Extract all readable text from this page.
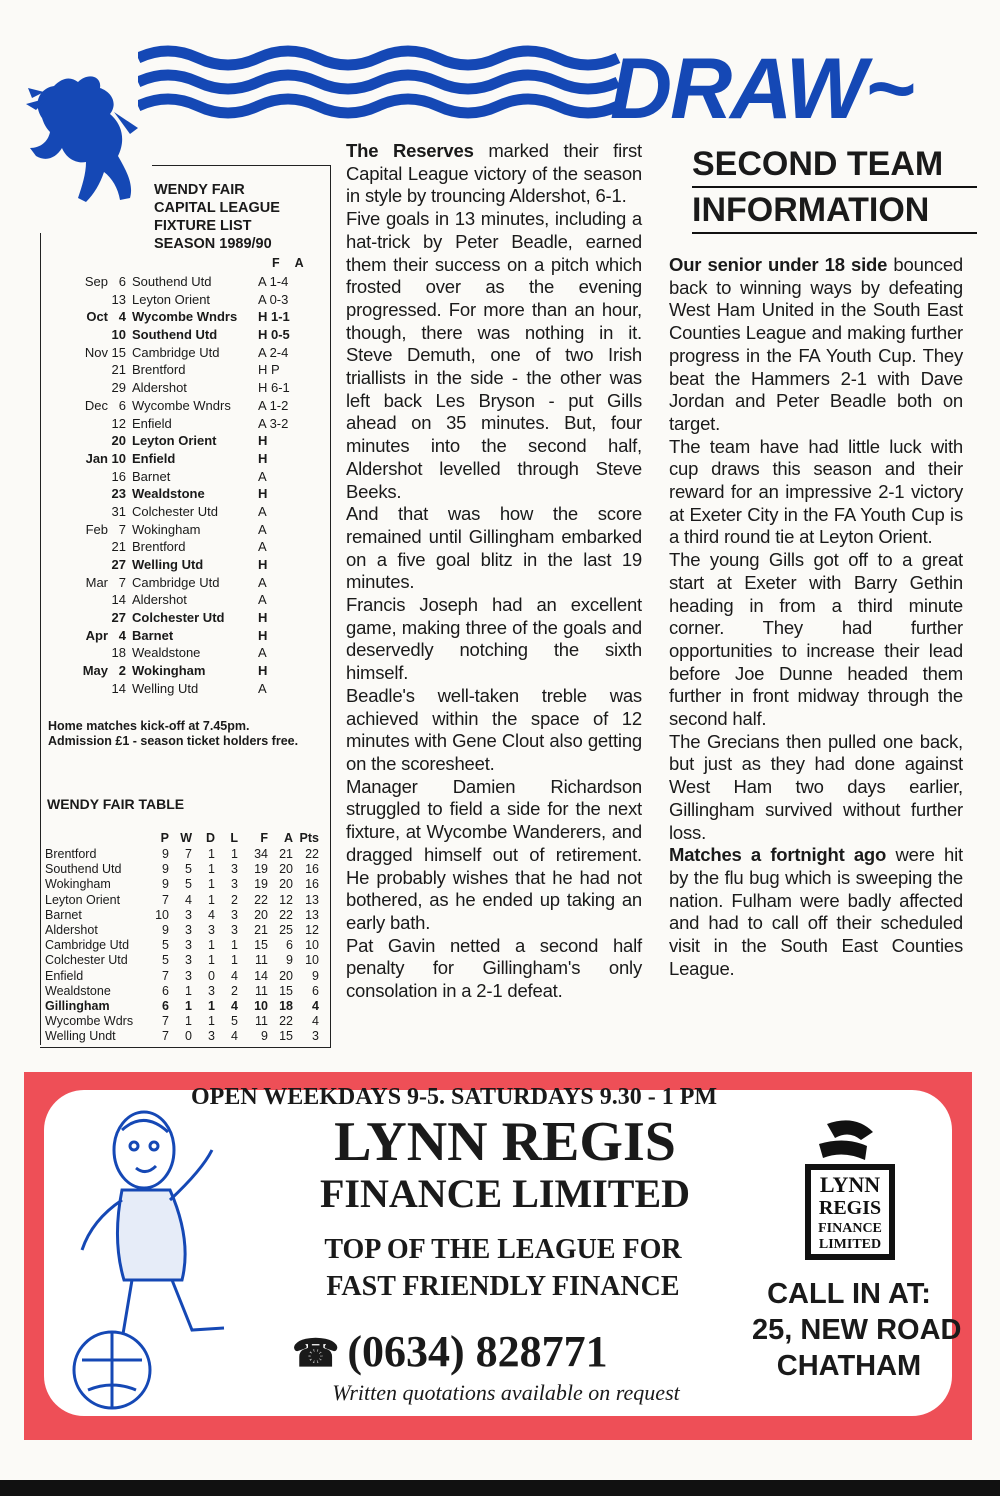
DRAW~
WENDY FAIR
CAPITAL LEAGUE
FIXTURE LIST
SEASON 1989/90
F A
Sep 6 Southend Utd	A 1-4
13 Leyton Orient	A 0-3
Oct 4 Wycombe Wndrs H 1-1
10 Southend Utd	H 0-5
Nov 15 Cambridge Utd	A 2-4
21 Brentford	H P
29 Aldershot	H 6-1
Dec 6 Wycombe Wndrs A 1-2
12 Enfield	A 3-2
20 Leyton Orient	H
Jan 10 Enfield	H
16 Barnet	A
23 Wealdstone	H
31 Colchester Utd	A
Feb 7 Wokingham	A
21 Brentford	A
27 Welling Utd	H
Mar 7 Cambridge Utd	A
14 Aldershot	A
27 Colchester Utd	H
Apr 4 Barnet	H
18 Wealdstone	A
May 2 Wokingham	H
14 Welling Utd	A
Home matches kick-off at 7.45pm. Admission £1 - season ticket holders free.
WENDY FAIR TABLE
P W	D	L	F	A Pts
Brentford	9	7	1	1	34 21 22
Southend Utd	9	5	1	3	19 20 16
Wokingham	9	5	1	3	19 20 16
Leyton Orient	7	4	1	2	22 12 13
Barnet	10	3	4	3	20 22 13
Aldershot	9	3	3	3	21 25 12
Cambridge Utd	5	3	1	1	15	6 10
Colchester Utd	5	3	1	1	11	9 10
Enfield	7	3	0	4	14 20	9
Wealdstone	6	1	3	2	11 15	6
Gillingham	6	1	1	4	10 18	4
Wycombe Wdrs	7	1	1	5	11 22	4
Welling Undt	7	0	3	4	9 15	3

The Reserves marked their first Capital League victory of the season in style by trouncing Aldershot, 6-1.

Five goals in 13 minutes, including a hat-trick by Peter Beadle, earned them their success on a pitch which frosted over as the evening progressed. For more than an hour, though, there was nothing in it. Steve Demuth, one of two Irish triallists in the side - the other was left back Les Bryson - put Gills ahead on 35 minutes. But, four minutes into the second half, Aldershot levelled through Steve Beeks.

And that was how the score remained until Gillingham embarked on a five goal blitz in the last 19 minutes.

Francis Joseph had an excellent game, making three of the goals and deservedly notching the sixth himself.

Beadle's well-taken treble was achieved within the space of 12 minutes with Gene Clout also getting on the scoresheet.

Manager Damien Richardson struggled to field a side for the next fixture, at Wycombe Wanderers, and dragged himself out of retirement. He probably wishes that he had not bothered, as he ended up taking an early bath.

Pat Gavin netted a second half penalty for Gillingham's only consolation in a 2-1 defeat.

SECOND TEAM
INFORMATION

Our senior under 18 side bounced back to winning ways by defeating West Ham United in the South East Counties League and making further progress in the FA Youth Cup. They beat the Hammers 2-1 with Dave Jordan and Peter Beadle both on target.

The team have had little luck with cup draws this season and their reward for an impressive 2-1 victory at Exeter City in the FA Youth Cup is a third round tie at Leyton Orient.

The young Gills got off to a great start at Exeter with Barry Gethin heading in from a third minute corner. They had further opportunities to increase their lead before Joe Dunne headed them further in front midway through the second half.

The Grecians then pulled one back, but just as they had done against West Ham two days earlier, Gillingham survived without further loss.

Matches a fortnight ago were hit by the flu bug which is sweeping the nation. Fulham were badly affected and had to call off their scheduled visit in the South East Counties League.

OPEN WEEKDAYS 9-5. SATURDAYS 9.30 - 1 PM
LYNN REGIS
FINANCE LIMITED
TOP OF THE LEAGUE FOR
FAST FRIENDLY FINANCE
☎ (0634) 828771
Written quotations available on request
LYNN
REGIS
FINANCE
LIMITED
CALL IN AT:
25, NEW ROAD
CHATHAM
